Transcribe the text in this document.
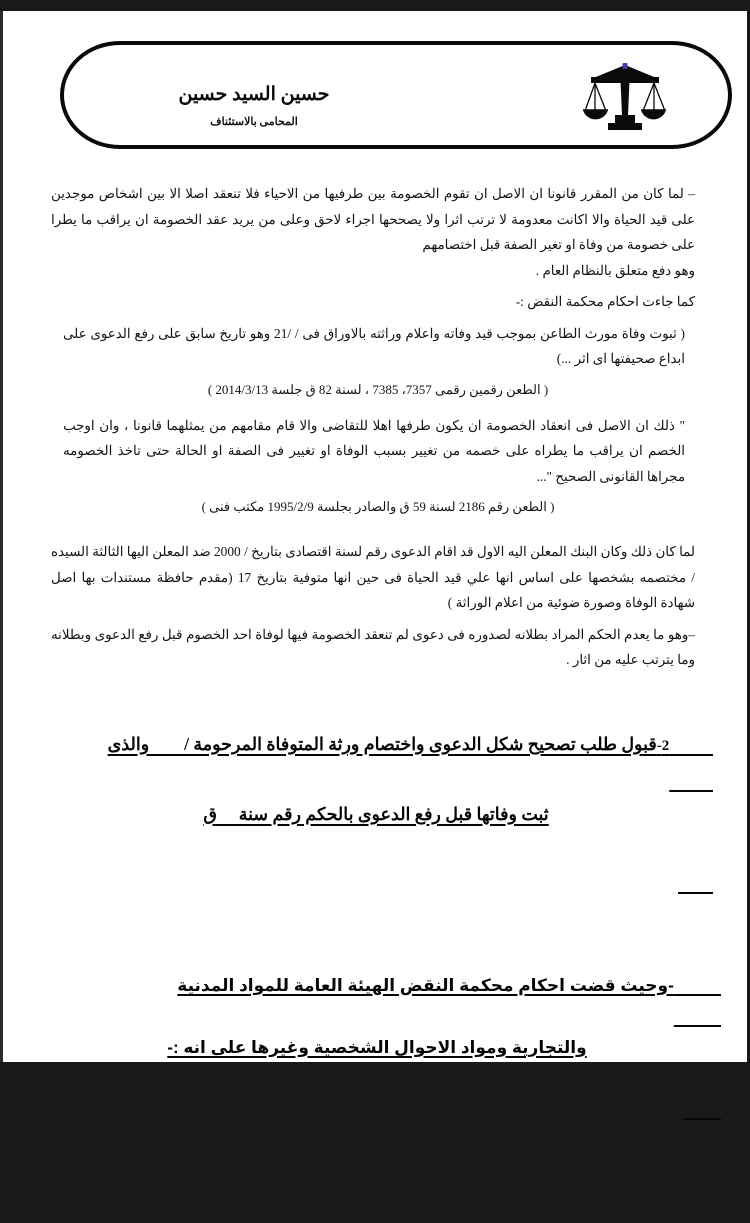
حسين السيد حسين
المحامى بالاستئناف

– لما كان من المقرر قانونا ان الاصل ان تقوم الخصومة بين طرفيها من الاحياء فلا تنعقد اصلا الا بين اشخاص موجدين على قيد الحياة والا اكانت معدومة لا ترتب اثرا ولا يصححها اجراء لاحق وعلى من يريد عقد الخصومة ان يراقب ما يطرا على خصومة من وفاة او تغير الصفة قبل اختصامهم

وهو دفع متعلق بالنظام العام .

كما جاءت احكام محكمة النقض :-

( ثبوت وفاة مورث الطاعن بموجب قيد وفاته واعلام وراثته بالاوراق فى / /21 وهو تاريخ سابق على رفع الدعوى على ابداع صحيفتها اى اثر ...)

( الطعن رقمين رقمى 7357، 7385 ، لسنة 82 ق جلسة 2014/3/13 )

" ذلك ان الاصل فى انعقاد الخصومة ان يكون طرفها اهلا للتقاضى والا قام مقامهم من يمثلهما قانونا ، وان اوجب الخصم ان يراقب ما يطراه على خصمه من تغيير بسبب الوفاة او تغيير فى الصفة او الحالة حتى تاخذ الخصومه مجراها القانونى الصحيح "...

( الطعن رقم 2186 لسنة 59 ق والصادر بجلسة 1995/2/9 مكتب فنى )

لما كان ذلك وكان البنك المعلن اليه الاول قد اقام الدعوى رقم لسنة اقتصادى بتاريخ / 2000 ضد المعلن اليها الثالثة السيده / مختصمه بشخصها على اساس انها علي قيد الحياة فى حين انها متوفية بتاريخ 17 (مقدم حافظة مستندات بها اصل شهادة الوفاة وصورة ضوئية من اعلام الوراثة )

–وهو ما يعدم الحكم المراد بطلانه لصدوره فى دعوى لم تنعقد الخصومة فيها لوفاة احد الخصوم قبل رفع الدعوى وبطلانه وما يترتب عليه من اثار .

2-قبول طلب تصحيح شكل الدعوى واختصام ورثة المتوفاة المرحومة /        والذى

ثبت وفاتها قبل رفع الدعوى بالحكم رقم سنة     ق

-وحيث قضت احكام محكمة النقض الهيئة العامة للمواد المدنية

والتجارية ومواد الاحوال الشخصية وغيرها على انه :-

"ذكرت الهيئة أنه طالما كان من المقرر أن الخصومة لا تقوم ابتداءً إلا بين طرفين من الأحياء فلا تنعقد أصلًا إلا بين أشخاص موجودين على قيد الحياة وإلا كانت معدومة، إلا أن التيسير على الخصوم وتحقيق موجبات سير العدالة يستتبع جواز اختصام ورثة المتوفى بإجراءات جديدة بموجب صحيفة مستوفية لكافة شرائطها القانونية إيداعًا وإعلانًا يتحقق به
